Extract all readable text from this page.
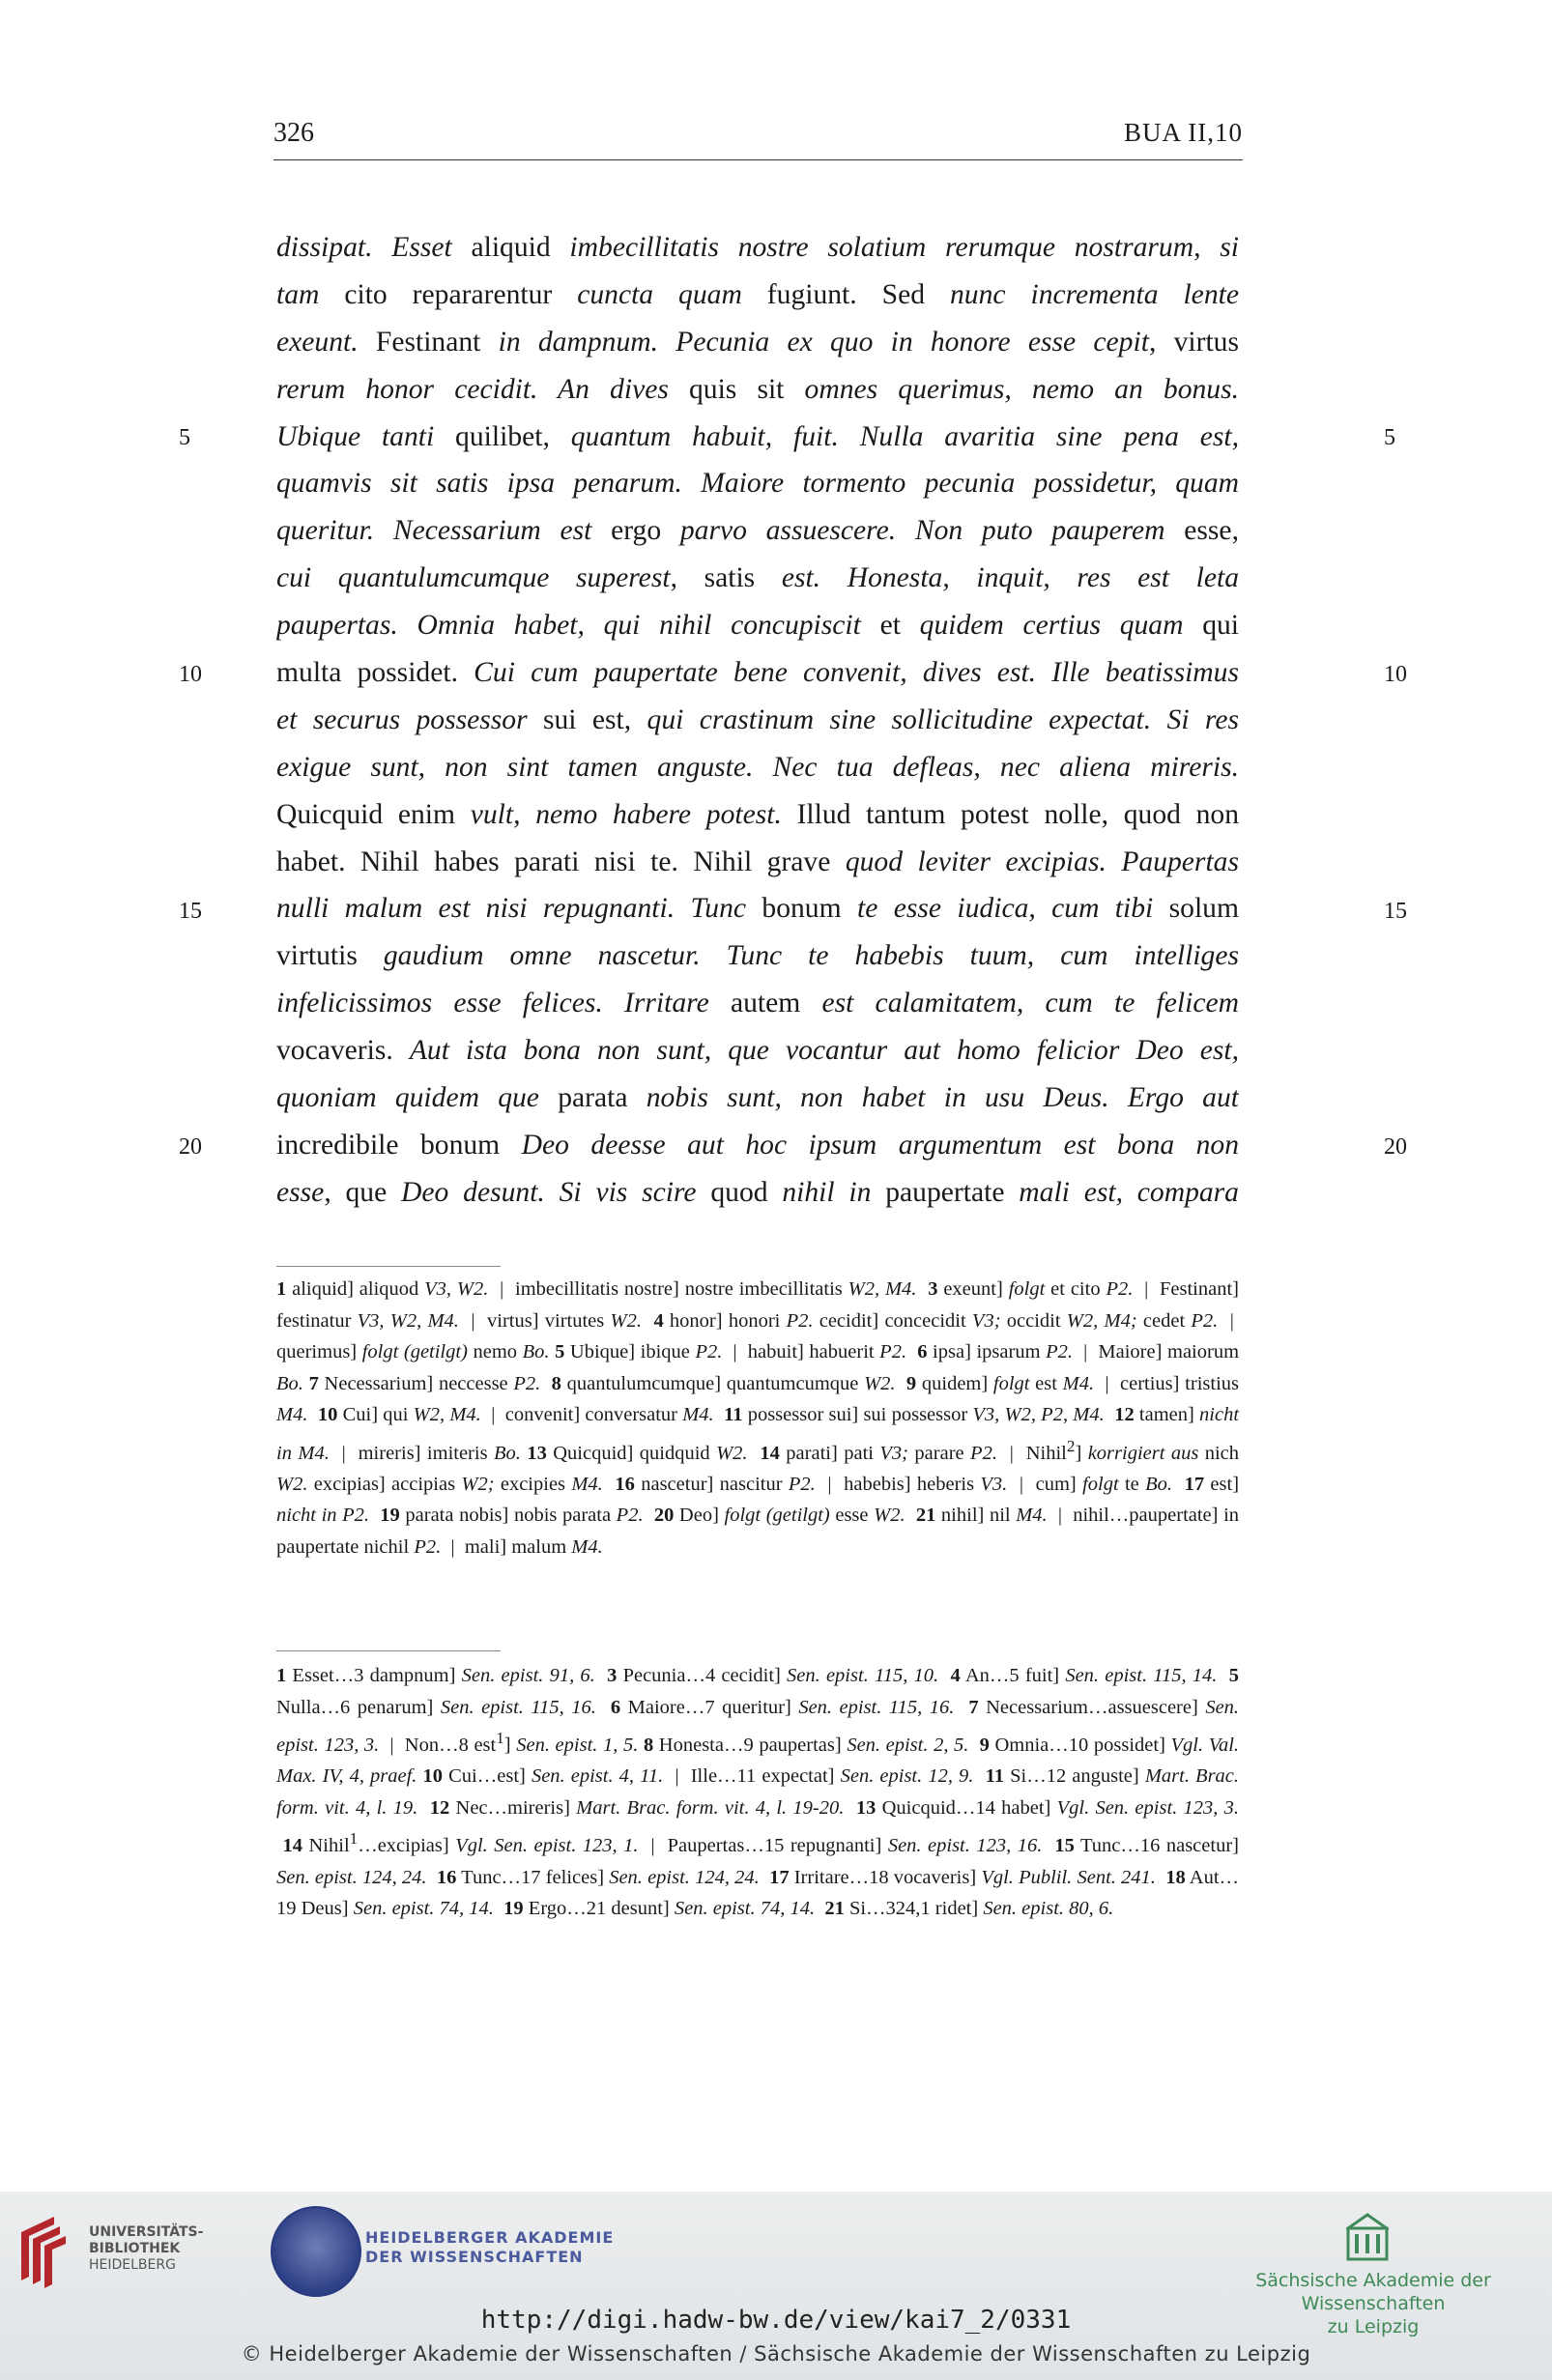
326	BUA II,10
dissipat. Esset aliquid imbecillitatis nostre solatium rerumque nostrarum, si
tam cito repararentur cuncta quam fugiunt. Sed nunc incrementa lente
exeunt. Festinant in dampnum. Pecunia ex quo in honore esse cepit, virtus
rerum honor cecidit. An dives quis sit omnes querimus, nemo an bonus.
Ubique tanti quilibet, quantum habuit, fuit. Nulla avaritia sine pena est,
quamvis sit satis ipsa penarum. Maiore tormento pecunia possidetur, quam
queritur. Necessarium est ergo parvo assuescere. Non puto pauperem esse,
cui quantulumcumque superest, satis est. Honesta, inquit, res est leta
paupertas. Omnia habet, qui nihil concupiscit et quidem certius quam qui
multa possidet. Cui cum paupertate bene convenit, dives est. Ille beatissimus
et securus possessor sui est, qui crastinum sine sollicitudine expectat. Si res
exigue sunt, non sint tamen anguste. Nec tua defleas, nec aliena mireris.
Quicquid enim vult, nemo habere potest. Illud tantum potest nolle, quod non
habet. Nihil habes parati nisi te. Nihil grave quod leviter excipias. Paupertas
nulli malum est nisi repugnanti. Tunc bonum te esse iudica, cum tibi solum
virtutis gaudium omne nascetur. Tunc te habebis tuum, cum intelliges
infelicissimos esse felices. Irritare autem est calamitatem, cum te felicem
vocaveris. Aut ista bona non sunt, que vocantur aut homo felicior Deo est,
quoniam quidem que parata nobis sunt, non habet in usu Deus. Ergo aut
incredibile bonum Deo deesse aut hoc ipsum argumentum est bona non
esse, que Deo desunt. Si vis scire quod nihil in paupertate mali est, compara
5	5
10	10
15	15
20	20
1 aliquid] aliquod V3, W2.  |  imbecillitatis nostre] nostre imbecillitatis W2, M4. 3 exeunt] folgt et cito P2.  |  Festinant] festinatur V3, W2, M4.  |  virtus] virtutes W2. 4 honor] honori P2. cecidit] concecidit V3; occidit W2, M4; cedet P2.  |  querimus] folgt (getilgt) nemo Bo. 5 Ubique] ibique P2.  |  habuit] habuerit P2. 6 ipsa] ipsarum P2.  |  Maiore] maiorum Bo. 7 Necessarium] neccesse P2. 8 quantulumcumque] quantumcumque W2. 9 quidem] folgt est M4.  |  certius] tristius M4. 10 Cui] qui W2, M4.  |  convenit] conversatur M4. 11 possessor sui] sui possessor V3, W2, P2, M4. 12 tamen] nicht in M4.  |  mireris] imiteris Bo. 13 Quicquid] quidquid W2. 14 parati] pati V3; parare P2.  |  Nihil$^2$] korrigiert aus nich W2. excipias] accipias W2; excipies M4. 16 nascetur] nascitur P2.  |  habebis] heberis V3.  |  cum] folgt te Bo. 17 est] nicht in P2. 19 parata nobis] nobis parata P2. 20 Deo] folgt (getilgt) esse W2. 21 nihil] nil M4.  |  nihil…paupertate] in paupertate nichil P2.  |  mali] malum M4.
1 Esset…3 dampnum] Sen. epist. 91, 6. 3 Pecunia…4 cecidit] Sen. epist. 115, 10. 4 An…5 fuit] Sen. epist. 115, 14. 5 Nulla…6 penarum] Sen. epist. 115, 16. 6 Maiore…7 queritur] Sen. epist. 115, 16. 7 Necessarium…assuescere] Sen. epist. 123, 3.  |  Non…8 est$^1$] Sen. epist. 1, 5. 8 Honesta…9 paupertas] Sen. epist. 2, 5. 9 Omnia…10 possidet] Vgl. Val. Max. IV, 4, praef. 10 Cui…est] Sen. epist. 4, 11.  |  Ille…11 expectat] Sen. epist. 12, 9. 11 Si…12 anguste] Mart. Brac. form. vit. 4, l. 19. 12 Nec…mireris] Mart. Brac. form. vit. 4, l. 19-20. 13 Quicquid…14 habet] Vgl. Sen. epist. 123, 3.  14 Nihil$^1$…excipias] Vgl. Sen. epist. 123, 1.  |  Paupertas…15 repugnanti] Sen. epist. 123, 16. 15 Tunc…16 nascetur] Sen. epist. 124, 24. 16 Tunc…17 felices] Sen. epist. 124, 24. 17 Irritare…18 vocaveris] Vgl. Publil. Sent. 241. 18 Aut…19 Deus] Sen. epist. 74, 14. 19 Ergo…21 desunt] Sen. epist. 74, 14. 21 Si…324,1 ridet] Sen. epist. 80, 6.
UNIVERSITÄTS-
BIBLIOTHEK
HEIDELBERG
HEIDELBERGER AKADEMIE
DER WISSENSCHAFTEN
Sächsische Akademie der Wissenschaften
zu Leipzig
http://digi.hadw-bw.de/view/kai7_2/0331
© Heidelberger Akademie der Wissenschaften / Sächsische Akademie der Wissenschaften zu Leipzig
